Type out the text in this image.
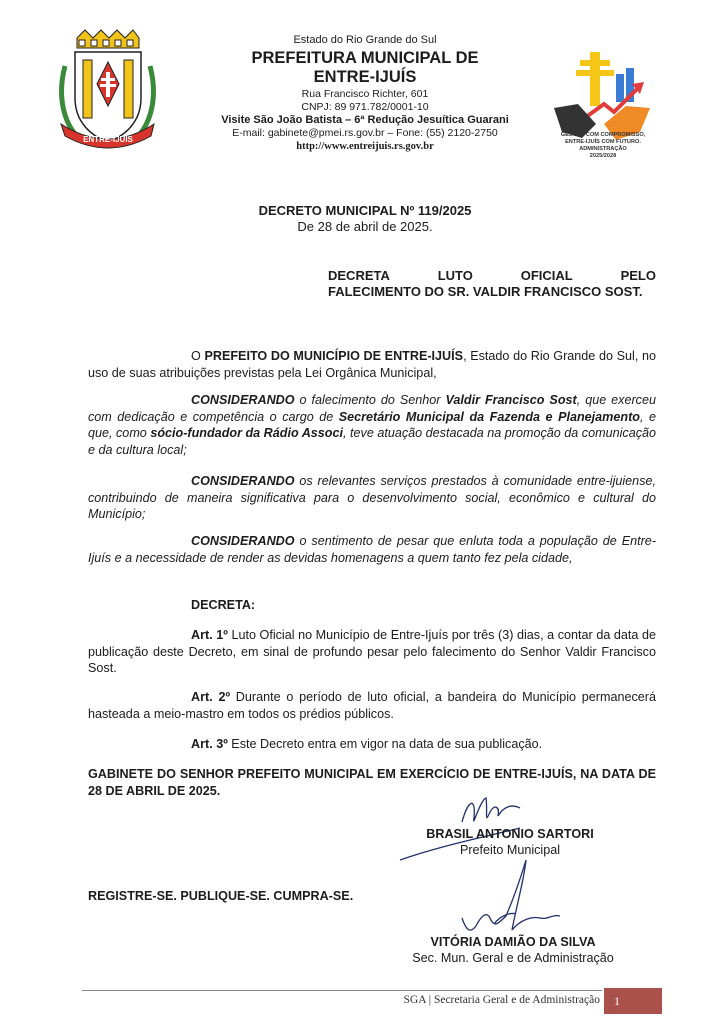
ENTRE-IJUÍS
Estado do Rio Grande do Sul
PREFEITURA MUNICIPAL DE
ENTRE-IJUÍS
Rua Francisco Richter, 601
CNPJ: 89 971.782/0001-10
Visite São João Batista – 6ª Redução Jesuítica Guarani
E-mail: gabinete@pmei.rs.gov.br – Fone: (55) 2120-2750
http://www.entreijuis.rs.gov.br
GESTÃO COM COMPROMISSO,
ENTRE-IJUÍS COM FUTURO.
ADMINISTRAÇÃO
2025/2028
DECRETO MUNICIPAL Nº 119/2025
De 28 de abril de 2025.
DECRETA	LUTO	OFICIAL	PELO
FALECIMENTO DO SR. VALDIR FRANCISCO SOST.
O PREFEITO DO MUNICÍPIO DE ENTRE-IJUÍS, Estado do Rio Grande do Sul, no uso de suas atribuições previstas pela Lei Orgânica Municipal,
CONSIDERANDO o falecimento do Senhor Valdir Francisco Sost, que exerceu com dedicação e competência o cargo de Secretário Municipal da Fazenda e Planejamento, e que, como sócio-fundador da Rádio Associ, teve atuação destacada na promoção da comunicação e da cultura local;
CONSIDERANDO os relevantes serviços prestados à comunidade entre-ijuiense, contribuindo de maneira significativa para o desenvolvimento social, econômico e cultural do Município;
CONSIDERANDO o sentimento de pesar que enluta toda a população de Entre-Ijuís e a necessidade de render as devidas homenagens a quem tanto fez pela cidade,
DECRETA:
Art. 1º Luto Oficial no Município de Entre-Ijuís por três (3) dias, a contar da data de publicação deste Decreto, em sinal de profundo pesar pelo falecimento do Senhor Valdir Francisco Sost.
Art. 2º Durante o período de luto oficial, a bandeira do Município permanecerá hasteada a meio-mastro em todos os prédios públicos.
Art. 3º Este Decreto entra em vigor na data de sua publicação.
GABINETE DO SENHOR PREFEITO MUNICIPAL EM EXERCÍCIO DE ENTRE-IJUÍS, NA DATA DE 28 DE ABRIL DE 2025.
BRASIL ANTONIO SARTORI
Prefeito Municipal
REGISTRE-SE. PUBLIQUE-SE. CUMPRA-SE.
VITÓRIA DAMIÃO DA SILVA
Sec. Mun. Geral e de Administração
SGA | Secretaria Geral e de Administração	1
